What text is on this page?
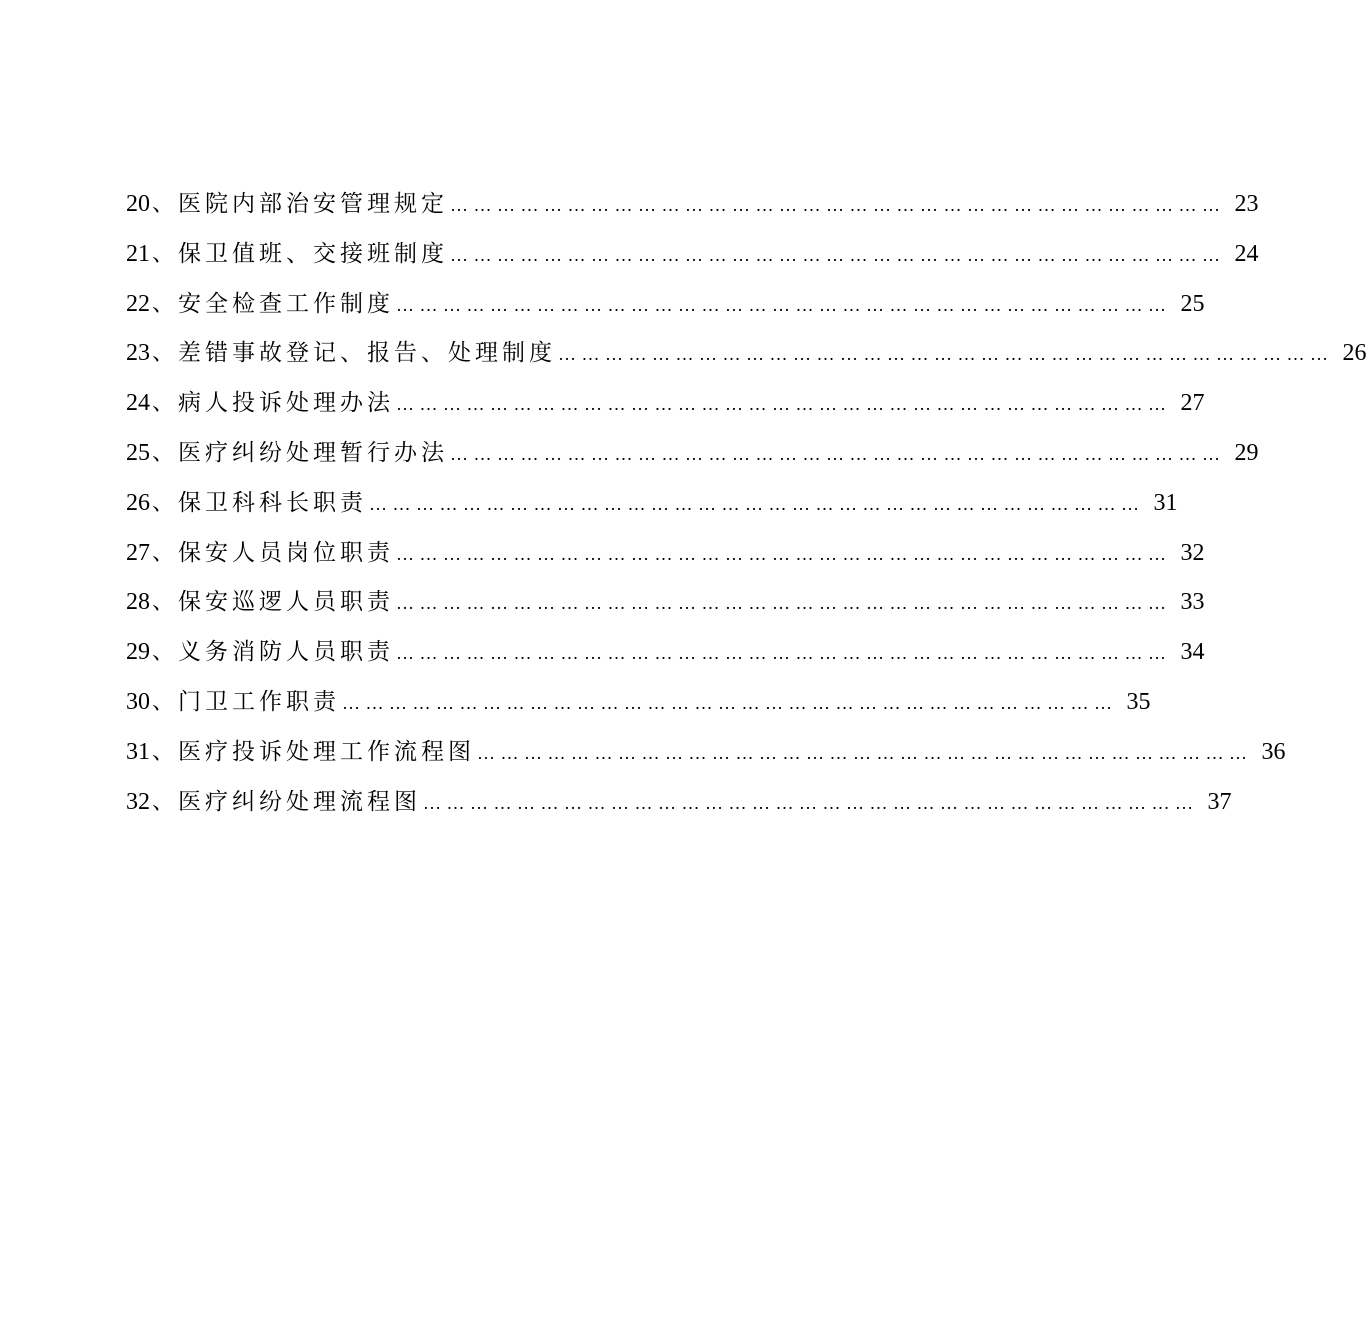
20 、 医院内部治安管理规定 … … … … … … … … … … … … … … … … … … … … … … … … … … … … … … … … … 23
21 、 保卫值班、交接班制度 … … … … … … … … … … … … … … … … … … … … … … … … … … … … … … … … … 24
22 、 安全检查工作制度 … … … … … … … … … … … … … … … … … … … … … … … … … … … … … … … … … 25
23 、 差错事故登记、报告、处理制度 … … … … … … … … … … … … … … … … … … … … … … … … … … … … … … … … … 26
24 、 病人投诉处理办法 … … … … … … … … … … … … … … … … … … … … … … … … … … … … … … … … … 27
25 、 医疗纠纷处理暂行办法 … … … … … … … … … … … … … … … … … … … … … … … … … … … … … … … … … 29
26 、 保卫科科长职责 … … … … … … … … … … … … … … … … … … … … … … … … … … … … … … … … … 31
27 、 保安人员岗位职责 … … … … … … … … … … … … … … … … … … … … … … … … … … … … … … … … … 32
28 、 保安巡逻人员职责 … … … … … … … … … … … … … … … … … … … … … … … … … … … … … … … … … 33
29 、 义务消防人员职责 … … … … … … … … … … … … … … … … … … … … … … … … … … … … … … … … … 34
30 、 门卫工作职责 … … … … … … … … … … … … … … … … … … … … … … … … … … … … … … … … … 35
31 、 医疗投诉处理工作流程图 … … … … … … … … … … … … … … … … … … … … … … … … … … … … … … … … … 36
32 、 医疗纠纷处理流程图 … … … … … … … … … … … … … … … … … … … … … … … … … … … … … … … … … 37
